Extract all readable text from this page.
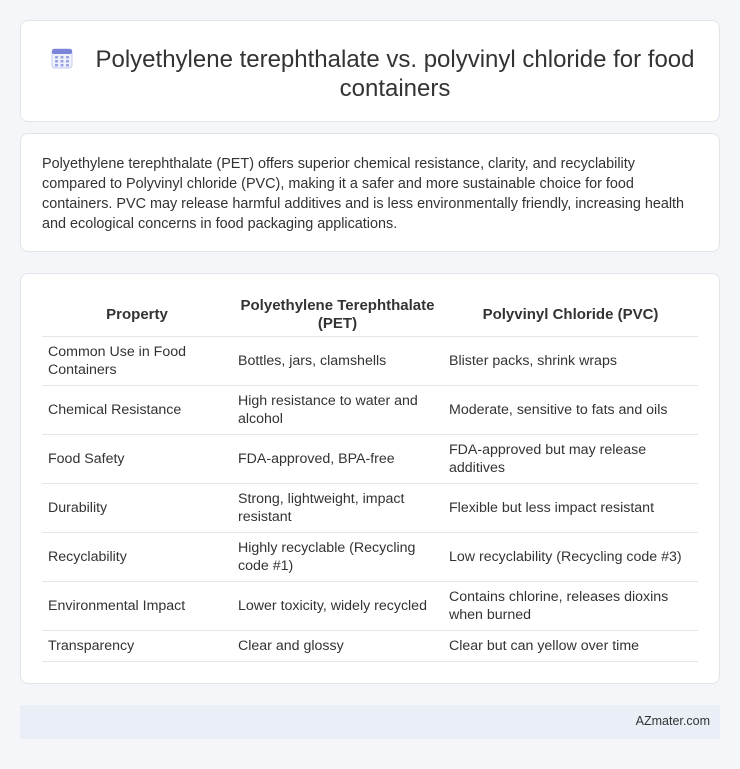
Polyethylene terephthalate vs. polyvinyl chloride for food containers

Polyethylene terephthalate (PET) offers superior chemical resistance, clarity, and recyclability compared to Polyvinyl chloride (PVC), making it a safer and more sustainable choice for food containers. PVC may release harmful additives and is less environmentally friendly, increasing health and ecological concerns in food packaging applications.

Property	Polyethylene Terephthalate (PET)	Polyvinyl Chloride (PVC)
Common Use in Food Containers	Bottles, jars, clamshells	Blister packs, shrink wraps
Chemical Resistance	High resistance to water and alcohol	Moderate, sensitive to fats and oils
Food Safety	FDA-approved, BPA-free	FDA-approved but may release additives
Durability	Strong, lightweight, impact resistant	Flexible but less impact resistant
Recyclability	Highly recyclable (Recycling code #1)	Low recyclability (Recycling code #3)
Environmental Impact	Lower toxicity, widely recycled	Contains chlorine, releases dioxins when burned
Transparency	Clear and glossy	Clear but can yellow over time
AZmater.com
